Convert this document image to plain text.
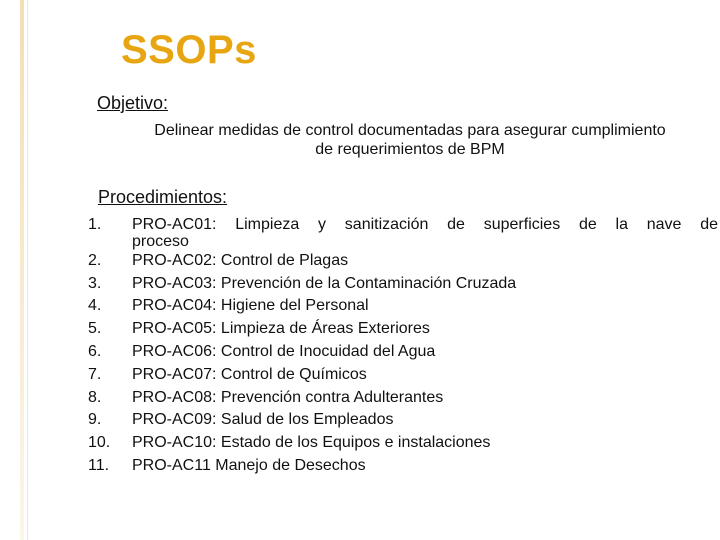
SSOPs
Objetivo:

Delinear medidas de control documentadas para asegurar cumplimiento
de requerimientos de BPM

Procedimientos:
1.	PRO-AC01: Limpieza y sanitización de superficies de la nave de
proceso
2.	PRO-AC02: Control de Plagas
3.	PRO-AC03: Prevención de la Contaminación Cruzada
4.	PRO-AC04: Higiene del Personal
5.	PRO-AC05: Limpieza de Áreas Exteriores
6.	PRO-AC06: Control de Inocuidad del Agua
7.	PRO-AC07: Control de Químicos
8.	PRO-AC08: Prevención contra Adulterantes
9.	PRO-AC09: Salud de los Empleados
10.	PRO-AC10: Estado de los Equipos e instalaciones
11.	PRO-AC11 Manejo de Desechos
